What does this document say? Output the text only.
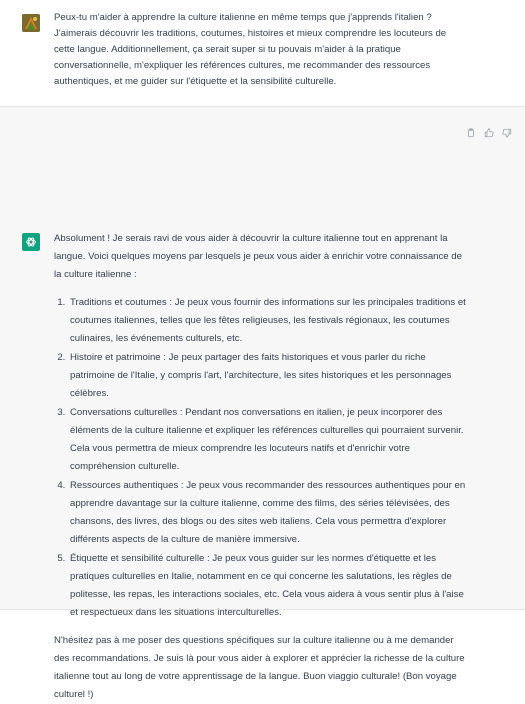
Peux-tu m'aider à apprendre la culture italienne en même temps que j'apprends l'italien ? J'aimerais découvrir les traditions, coutumes, histoires et mieux comprendre les locuteurs de cette langue. Additionnellement, ça serait super si tu pouvais m'aider à la pratique conversationnelle, m'expliquer les références cultures, me recommander des ressources authentiques, et me guider sur l'étiquette et la sensibilité culturelle.

Absolument ! Je serais ravi de vous aider à découvrir la culture italienne tout en apprenant la langue. Voici quelques moyens par lesquels je peux vous aider à enrichir votre connaissance de la culture italienne :

1. Traditions et coutumes : Je peux vous fournir des informations sur les principales traditions et coutumes italiennes, telles que les fêtes religieuses, les festivals régionaux, les coutumes culinaires, les événements culturels, etc.
2. Histoire et patrimoine : Je peux partager des faits historiques et vous parler du riche patrimoine de l'Italie, y compris l'art, l'architecture, les sites historiques et les personnages célèbres.
3. Conversations culturelles : Pendant nos conversations en italien, je peux incorporer des éléments de la culture italienne et expliquer les références culturelles qui pourraient survenir. Cela vous permettra de mieux comprendre les locuteurs natifs et d'enrichir votre compréhension culturelle.
4. Ressources authentiques : Je peux vous recommander des ressources authentiques pour en apprendre davantage sur la culture italienne, comme des films, des séries télévisées, des chansons, des livres, des blogs ou des sites web italiens. Cela vous permettra d'explorer différents aspects de la culture de manière immersive.
5. Étiquette et sensibilité culturelle : Je peux vous guider sur les normes d'étiquette et les pratiques culturelles en Italie, notamment en ce qui concerne les salutations, les règles de politesse, les repas, les interactions sociales, etc. Cela vous aidera à vous sentir plus à l'aise et respectueux dans les situations interculturelles.

N'hésitez pas à me poser des questions spécifiques sur la culture italienne ou à me demander des recommandations. Je suis là pour vous aider à explorer et apprécier la richesse de la culture italienne tout au long de votre apprentissage de la langue. Buon viaggio culturale! (Bon voyage culturel !)
